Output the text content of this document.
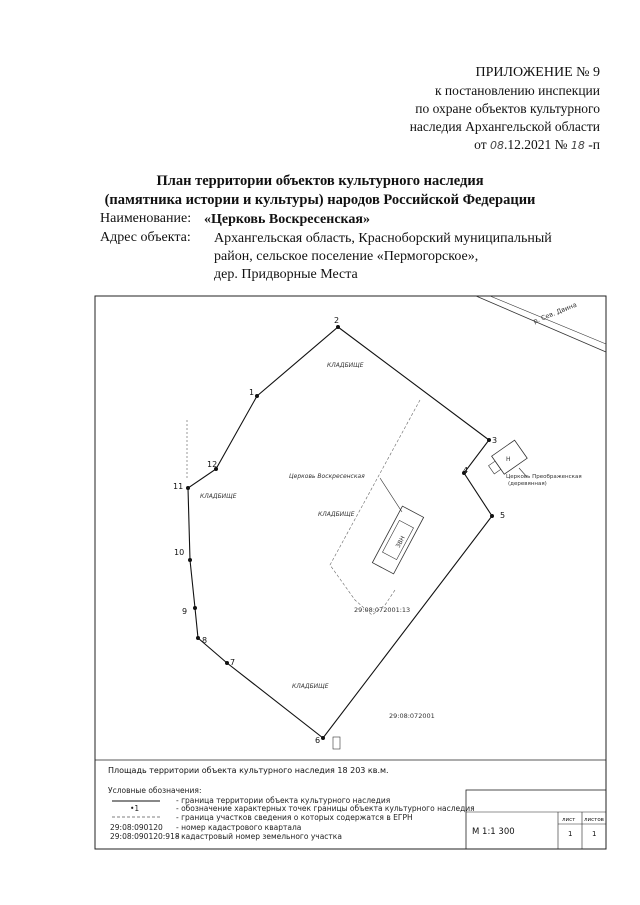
ПРИЛОЖЕНИЕ № 9
к постановлению инспекции
по охране объектов культурного
наследия Архангельской области
от 08.12.2021 № 18 -п
План территории объектов культурного наследия
(памятника истории и культуры) народов Российской Федерации
Наименование: «Церковь Воскресенская»
Адрес объекта: Архангельская область, Красноборский муниципальный
район, сельское поселение «Пермогорское»,
дер. Придворные Места
р. Сев. Двина
ЗВН
Н
1
2
3
4
5
6
7
8
9
10
11
12
КЛАДБИЩЕ
КЛАДБИЩЕ
КЛАДБИЩЕ
КЛАДБИЩЕ
Церковь Воскресенская	Церковь Преображенская
(деревянная)
29:08:072001:13
29:08:072001
М 1:1 300
лист листов
1	1
Площадь территории объекта культурного наследия 18 203 кв.м.
Условные обозначения:
- граница территории объекта культурного наследия
•1	- обозначение характерных точек границы объекта культурного наследия
- граница участков сведения о которых содержатся в ЕГРН
29:08:090120 - номер кадастрового квартала
29:08:090120:918
- кадастровый номер земельного участка
